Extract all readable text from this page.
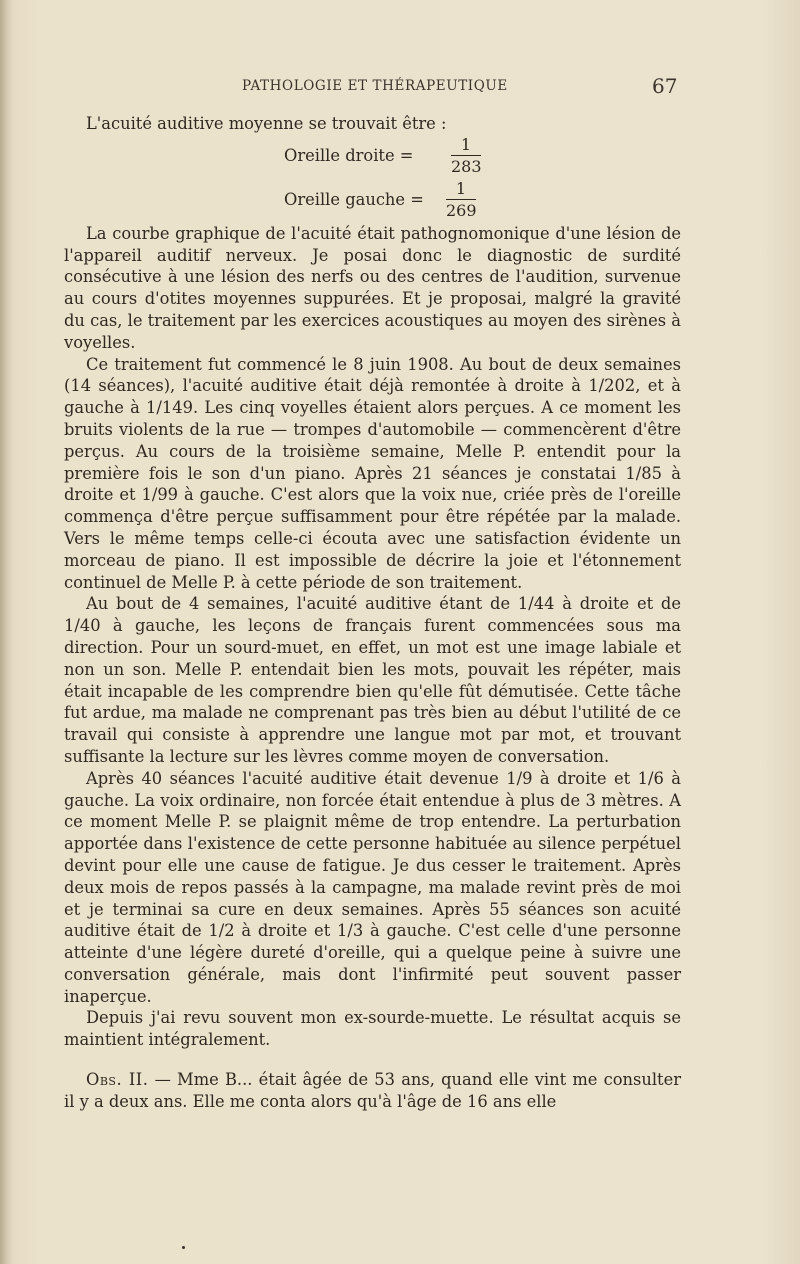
PATHOLOGIE ET THÉRAPEUTIQUE	67

L'acuité auditive moyenne se trouvait être :

Oreille droite = $\frac{1}{283}$
Oreille gauche = $\frac{1}{269}$

La courbe graphique de l'acuité était pathognomonique d'une lésion de l'appareil auditif nerveux. Je posai donc le diagnostic de surdité consécutive à une lésion des nerfs ou des centres de l'audition, survenue au cours d'otites moyennes suppurées. Et je proposai, malgré la gravité du cas, le traitement par les exercices acoustiques au moyen des sirènes à voyelles.

Ce traitement fut commencé le 8 juin 1908. Au bout de deux semaines (14 séances), l'acuité auditive était déjà remontée à droite à 1/202, et à gauche à 1/149. Les cinq voyelles étaient alors perçues. A ce moment les bruits violents de la rue — trompes d'automobile — commencèrent d'être perçus. Au cours de la troisième semaine, Melle P. entendit pour la première fois le son d'un piano. Après 21 séances je constatai 1/85 à droite et 1/99 à gauche. C'est alors que la voix nue, criée près de l'oreille commença d'être perçue suffisamment pour être répétée par la malade. Vers le même temps celle-ci écouta avec une satisfaction évidente un morceau de piano. Il est impossible de décrire la joie et l'étonnement continuel de Melle P. à cette période de son traitement.

Au bout de 4 semaines, l'acuité auditive étant de 1/44 à droite et de 1/40 à gauche, les leçons de français furent commencées sous ma direction. Pour un sourd-muet, en effet, un mot est une image labiale et non un son. Melle P. entendait bien les mots, pouvait les répéter, mais était incapable de les comprendre bien qu'elle fût démutisée. Cette tâche fut ardue, ma malade ne comprenant pas très bien au début l'utilité de ce travail qui consiste à apprendre une langue mot par mot, et trouvant suffisante la lecture sur les lèvres comme moyen de conversation.

Après 40 séances l'acuité auditive était devenue 1/9 à droite et 1/6 à gauche. La voix ordinaire, non forcée était entendue à plus de 3 mètres. A ce moment Melle P. se plaignit même de trop entendre. La perturbation apportée dans l'existence de cette personne habituée au silence perpétuel devint pour elle une cause de fatigue. Je dus cesser le traitement. Après deux mois de repos passés à la campagne, ma malade revint près de moi et je terminai sa cure en deux semaines. Après 55 séances son acuité auditive était de 1/2 à droite et 1/3 à gauche. C'est celle d'une personne atteinte d'une légère dureté d'oreille, qui a quelque peine à suivre une conversation générale, mais dont l'infirmité peut souvent passer inaperçue.

Depuis j'ai revu souvent mon ex-sourde-muette. Le résultat acquis se maintient intégralement.

Obs. II. — Mme B... était âgée de 53 ans, quand elle vint me consulter il y a deux ans. Elle me conta alors qu'à l'âge de 16 ans elle
